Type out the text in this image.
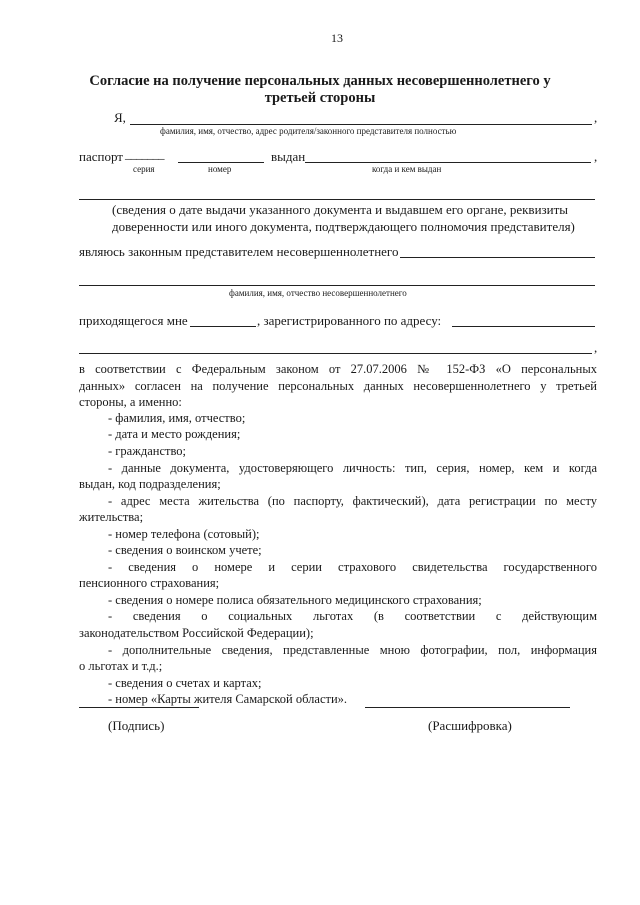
13
Согласие на получение персональных данных несовершеннолетнего у
третьей стороны
Я,	,
фамилия, имя, отчество, адрес родителя/законного представителя полностью
паспорт _______	выдан	,
серия	номер	когда и кем выдан
(сведения о дате выдачи указанного документа и выдавшем его органе, реквизиты
доверенности или иного документа, подтверждающего полномочия представителя)
являюсь законным представителем несовершеннолетнего
фамилия, имя, отчество несовершеннолетнего
приходящегося мне	, зарегистрированного по адресу:
,
в соответствии с Федеральным законом от 27.07.2006 № 152-ФЗ «О персональных
данных» согласен на получение персональных данных несовершеннолетнего у третьей
стороны, а именно:
- фамилия, имя, отчество;
- дата и место рождения;
- гражданство;
- данные документа, удостоверяющего личность: тип, серия, номер, кем и когда
выдан, код подразделения;
- адрес места жительства (по паспорту, фактический), дата регистрации по месту
жительства;
- номер телефона (сотовый);
- сведения о воинском учете;
- сведения о номере и серии страхового свидетельства государственного
пенсионного страхования;
- сведения о номере полиса обязательного медицинского страхования;
- сведения о социальных льготах (в соответствии с действующим
законодательством Российской Федерации);
- дополнительные сведения, представленные мною фотографии, пол, информация
о льготах и т.д.;
- сведения о счетах и картах;
- номер «Карты жителя Самарской области».
(Подпись)	(Расшифровка)
